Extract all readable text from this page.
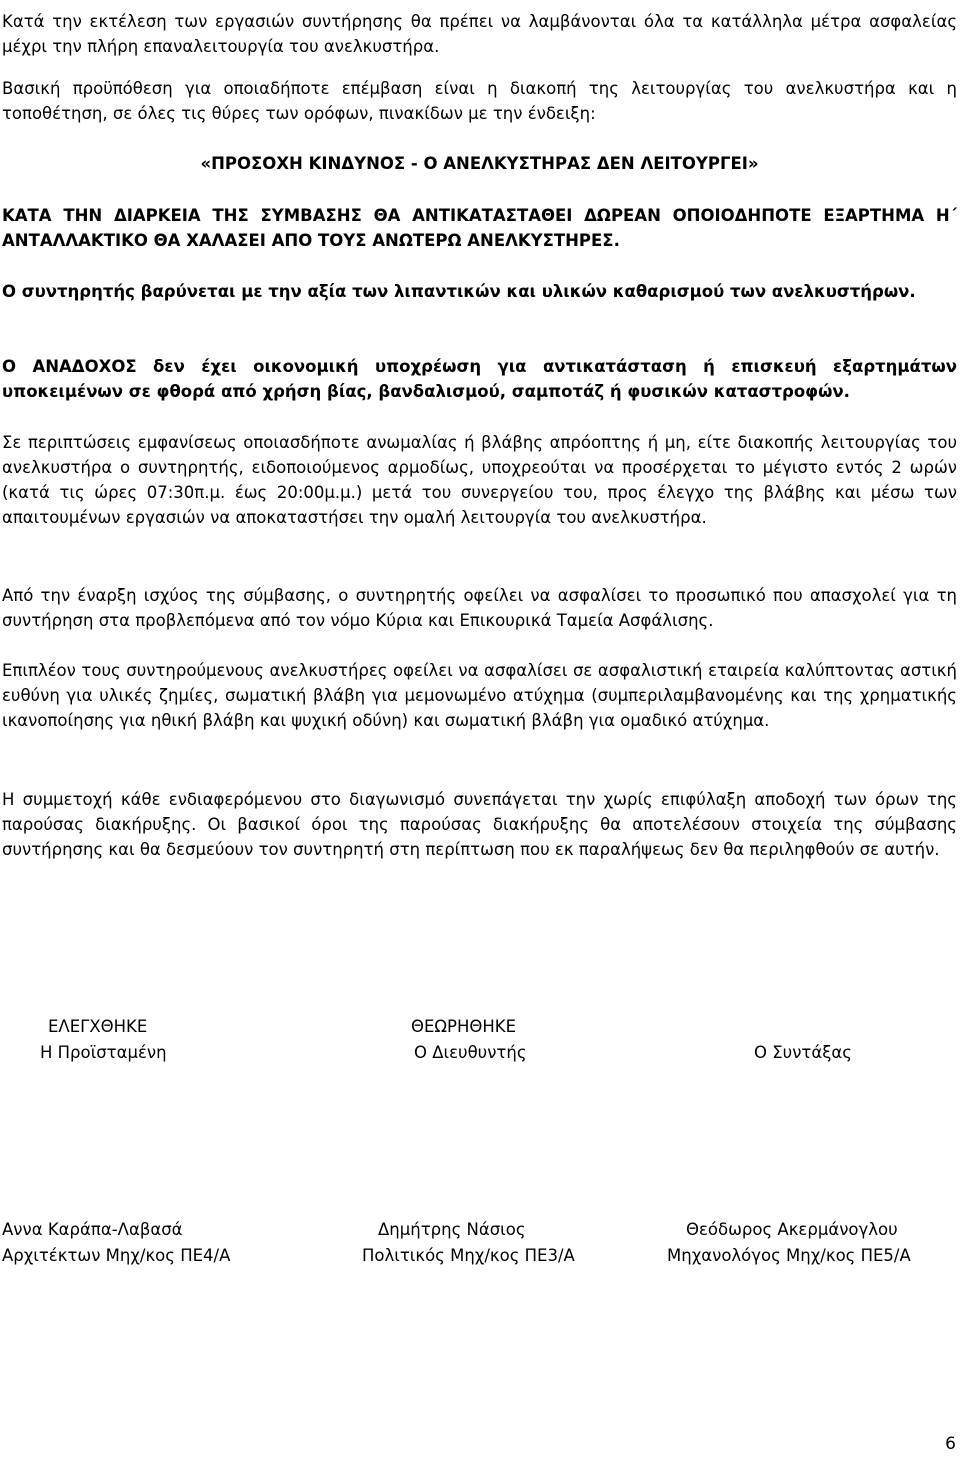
Κατά την εκτέλεση των εργασιών συντήρησης θα πρέπει να λαμβάνονται όλα τα κατάλληλα μέτρα ασφαλείας μέχρι την πλήρη επαναλειτουργία του ανελκυστήρα.

Βασική προϋπόθεση για οποιαδήποτε επέμβαση είναι η διακοπή της λειτουργίας του ανελκυστήρα και η τοποθέτηση, σε όλες τις θύρες των ορόφων, πινακίδων με την ένδειξη:

«ΠΡΟΣΟΧΗ ΚΙΝΔΥΝΟΣ - Ο ΑΝΕΛΚΥΣΤΗΡΑΣ ΔΕΝ ΛΕΙΤΟΥΡΓΕΙ»

ΚΑΤΑ ΤΗΝ ΔΙΑΡΚΕΙΑ ΤΗΣ ΣΥΜΒΑΣΗΣ ΘΑ ΑΝΤΙΚΑΤΑΣΤΑΘΕΙ ΔΩΡΕΑΝ ΟΠΟΙΟΔΗΠΟΤΕ ΕΞΑΡΤΗΜΑ Η΄ ΑΝΤΑΛΛΑΚΤΙΚΟ ΘΑ ΧΑΛΑΣΕΙ ΑΠΟ ΤΟΥΣ ΑΝΩΤΕΡΩ ΑΝΕΛΚΥΣΤΗΡΕΣ.

Ο συντηρητής βαρύνεται με την αξία των λιπαντικών και υλικών καθαρισμού των ανελκυστήρων.

Ο ΑΝΑΔΟΧΟΣ δεν έχει οικονομική υποχρέωση για αντικατάσταση ή επισκευή εξαρτημάτων υποκειμένων σε φθορά από χρήση βίας, βανδαλισμού, σαμποτάζ ή φυσικών καταστροφών.

Σε περιπτώσεις εμφανίσεως οποιασδήποτε ανωμαλίας ή βλάβης απρόοπτης ή μη, είτε διακοπής λειτουργίας του ανελκυστήρα ο συντηρητής, ειδοποιούμενος αρμοδίως, υποχρεούται να προσέρχεται το μέγιστο εντός 2 ωρών (κατά τις ώρες 07:30π.μ. έως 20:00μ.μ.) μετά του συνεργείου του, προς έλεγχο της βλάβης και μέσω των απαιτουμένων εργασιών να αποκαταστήσει την ομαλή λειτουργία του ανελκυστήρα.

Από την έναρξη ισχύος της σύμβασης, ο συντηρητής οφείλει να ασφαλίσει το προσωπικό που απασχολεί για τη συντήρηση στα προβλεπόμενα από τον νόμο Κύρια και Επικουρικά Ταμεία Ασφάλισης.

Επιπλέον τους συντηρούμενους ανελκυστήρες οφείλει να ασφαλίσει σε ασφαλιστική εταιρεία καλύπτοντας αστική ευθύνη για υλικές ζημίες, σωματική βλάβη για μεμονωμένο ατύχημα (συμπεριλαμβανομένης και της χρηματικής ικανοποίησης για ηθική βλάβη και ψυχική οδύνη) και σωματική βλάβη για ομαδικό ατύχημα.

Η συμμετοχή κάθε ενδιαφερόμενου στο διαγωνισμό συνεπάγεται την χωρίς επιφύλαξη αποδοχή των όρων της παρούσας διακήρυξης. Οι βασικοί όροι της παρούσας διακήρυξης θα αποτελέσουν στοιχεία της σύμβασης συντήρησης και θα δεσμεύουν τον συντηρητή στη περίπτωση που εκ παραλήψεως δεν θα περιληφθούν σε αυτήν.

ΕΛΕΓΧΘΗΚΕ
Η Προϊσταμένη
ΘΕΩΡΗΘΗΚΕ
Ο Διευθυντής	Ο Συντάξας
Αννα Καράπα-Λαβασά
Αρχιτέκτων Μηχ/κος ΠΕ4/Α
Δημήτρης Νάσιος
Πολιτικός Μηχ/κος ΠΕ3/Α
Θεόδωρος Ακερμάνογλου
Μηχανολόγος Μηχ/κος ΠΕ5/Α
6
